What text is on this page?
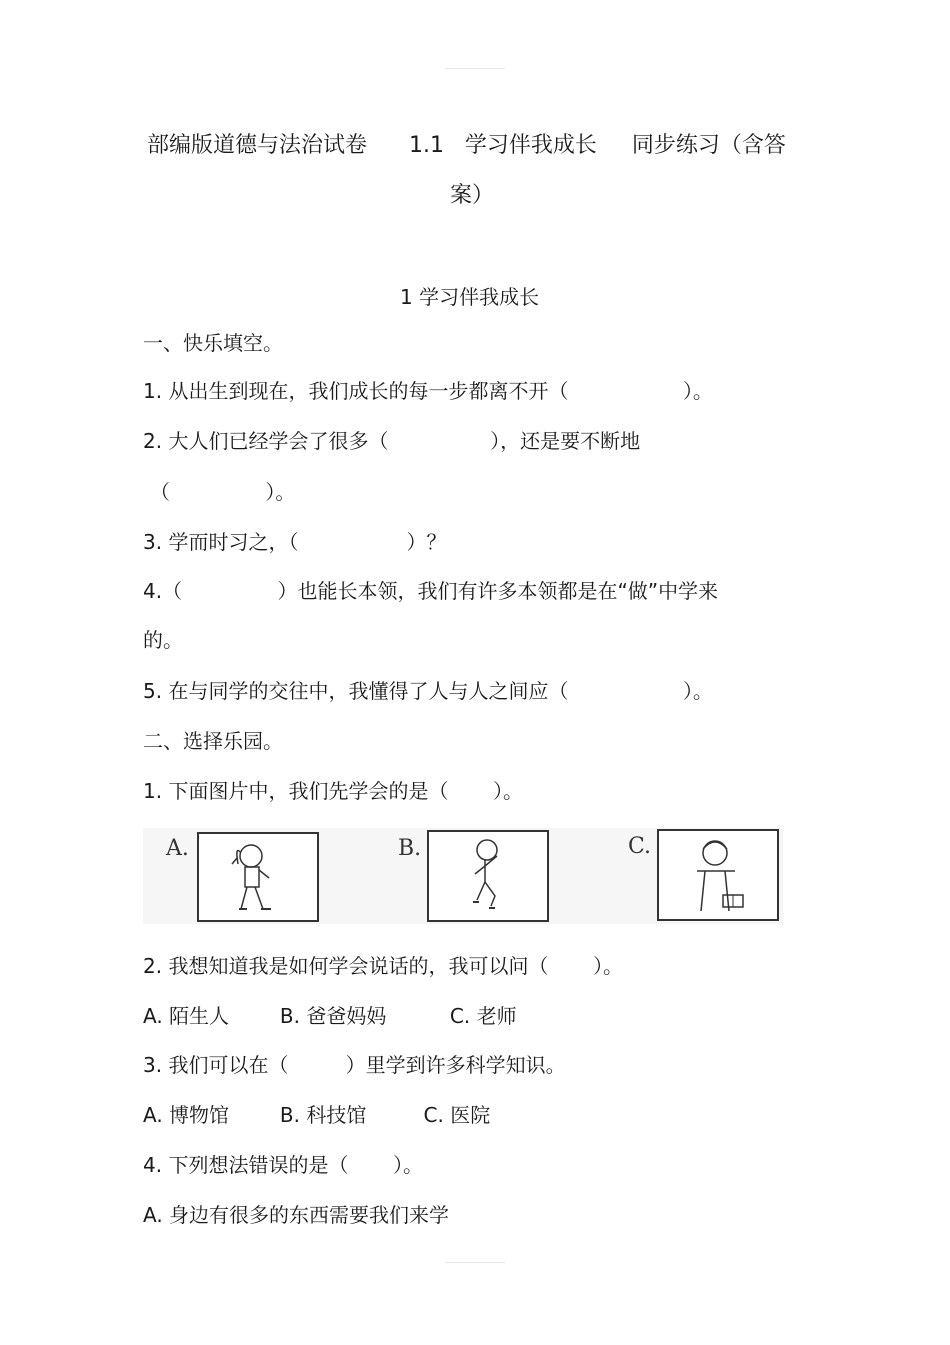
部编版道德与法治试卷      1.1   学习伴我成长     同步练习（含答
案）
1 学习伴我成长
一、快乐填空。
1. 从出生到现在，我们成长的每一步都离不开（                  ）。
2. 大人们已经学会了很多（                ），还是要不断地
（               ）。
3. 学而时习之，（                 ）？
4.（               ）也能长本领，我们有许多本领都是在“做”中学来
的。
5. 在与同学的交往中，我懂得了人与人之间应（                  ）。
二、选择乐园。
1. 下面图片中，我们先学会的是（       ）。
A.	B.	C.
2. 我想知道我是如何学会说话的，我可以问（       ）。
A. 陌生人        B. 爸爸妈妈          C. 老师
3. 我们可以在（         ）里学到许多科学知识。
A. 博物馆        B. 科技馆         C. 医院
4. 下列想法错误的是（       ）。
A. 身边有很多的东西需要我们来学
